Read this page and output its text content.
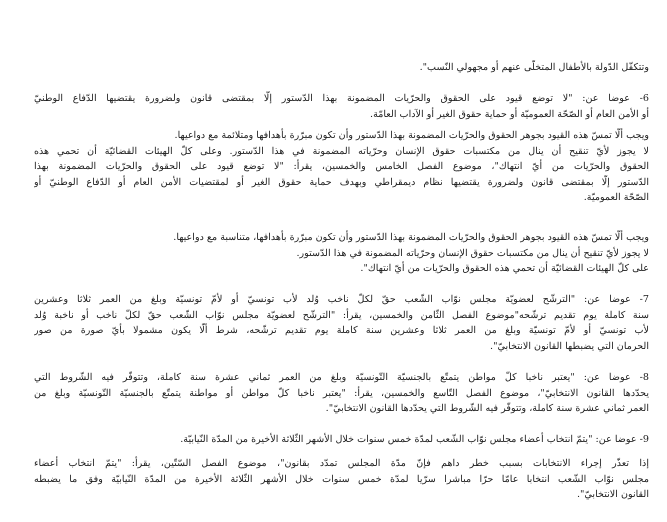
وتتكفّل الدّولة بالأطفال المتخلّى عنهم أو مجهولي النّسب".
6- عوضا عن: "لا توضع قيود على الحقوق والحرّيات المضمونة بهذا الدّستور إلّا بمقتضى قانون ولضرورة يقتضيها الدّفاع الوطنيّ
أو الأمن العام أو الصّحّة العموميّة أو حماية حقوق الغير أو الآداب العامّة.
ويجب ألّا تمسّ هذه القيود بجوهر الحقوق والحرّيات المضمونة بهذا الدّستور وأن تكون مبرّرة بأهدافها ومتلائمة مع دواعيها.
لا يجوز لأيّ تنقيح أن ينال من مكتسبات حقوق الإنسان وحرّياته المضمونة في هذا الدّستور. وعلى كلّ الهيئات القضائيّة أن تحمي هذه
الحقوق والحرّيات من أيّ انتهاك"، موضوع الفصل الخامس والخمسين، يقرأ: "لا توضع قيود على الحقوق والحرّيات المضمونة بهذا
الدّستور إلّا بمقتضى قانون ولضرورة يقتضيها نظام ديمقراطي وبهدف حماية حقوق الغير أو لمقتضيات الأمن العام أو الدّفاع الوطنيّ أو
الصّحّة العموميّة.
ويجب ألّا تمسّ هذه القيود بجوهر الحقوق والحرّيات المضمونة بهذا الدّستور وأن تكون مبرّرة بأهدافها، متناسبة مع دواعيها.
لا يجوز لأيّ تنقيح أن ينال من مكتسبات حقوق الإنسان وحرّياته المضمونة في هذا الدّستور.
على كلّ الهيئات القضائيّة أن تحمي هذه الحقوق والحرّيات من أيّ انتهاك".
7- عوضا عن: "الترشّح لعضويّة مجلس نوّاب الشّعب حقّ لكلّ ناخب وُلد لأب تونسيّ أو لأمّ تونسيّة وبلغ من العمر ثلاثا وعشرين
سنة كاملة يوم تقديم ترشّحه"موضوع الفصل الثّامن والخمسين، يقرأ: "الترشّح لعضويّة مجلس نوّاب الشّعب حقّ لكلّ ناخب أو ناخبة وُلد
لأب تونسيّ أو لأمّ تونسيّة وبلغ من العمر ثلاثا وعشرين سنة كاملة يوم تقديم ترشّحه، شرط ألّا يكون مشمولا بأيّ صورة من صور
الحرمان التي يضبطها القانون الانتخابيّ".
8- عوضا عن: "يعتبر ناخبا كلّ مواطن يتمتّع بالجنسيّة التّونسيّة وبلغ من العمر ثماني عشرة سنة كاملة، وتتوفّر فيه الشّروط التي
يحدّدها القانون الانتخابيّ"، موضوع الفصل التّاسع والخمسين، يقرأ: "يعتبر ناخبا كلّ مواطن أو مواطنة يتمتّع بالجنسيّة التّونسيّة وبلغ من
العمر ثماني عشرة سنة كاملة، وتتوفّر فيه الشّروط التي يحدّدها القانون الانتخابيّ".
9- عوضا عن: "يتمّ انتخاب أعضاء مجلس نوّاب الشّعب لمدّة خمس سنوات خلال الأشهر الثّلاثة الأخيرة من المدّة النّيابيّة.
إذا تعذّر إجراء الانتخابات بسبب خطر داهم فإنّ مدّة المجلس تمدّد بقانون"، موضوع الفصل السّتّين، يقرأ: "يتمّ انتخاب أعضاء
مجلس نوّاب الشّعب انتخابا عامّا حرّا مباشرا سرّيا لمدّة خمس سنوات خلال الأشهر الثّلاثة الأخيرة من المدّة النّيابيّة وفق ما يضبطه
القانون الانتخابيّ".
